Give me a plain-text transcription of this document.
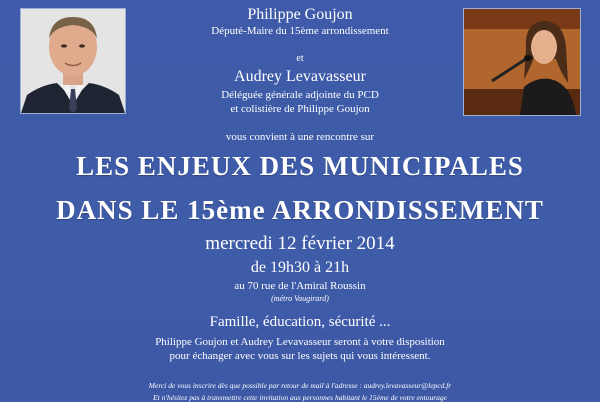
Philippe Goujon
Député-Maire du 15ème arrondissement
et
Audrey Levavasseur
Déléguée générale adjointe du PCD
et colistière de Philippe Goujon
vous convient à une rencontre sur
LES ENJEUX DES MUNICIPALES
DANS LE 15ème ARRONDISSEMENT
mercredi 12 février 2014
de 19h30 à 21h
au 70 rue de l'Amiral Roussin
(métro Vaugirard)
Famille, éducation, sécurité ...
Philippe Goujon et Audrey Levavasseur seront à votre disposition
pour échanger avec vous sur les sujets qui vous intéressent.
Merci de vous inscrire dès que possible par retour de mail à l'adresse : audrey.levavasseur@lepcd.fr
Et n'hésitez pas à transmettre cette invitation aux personnes habitant le 15ème de votre entourage
